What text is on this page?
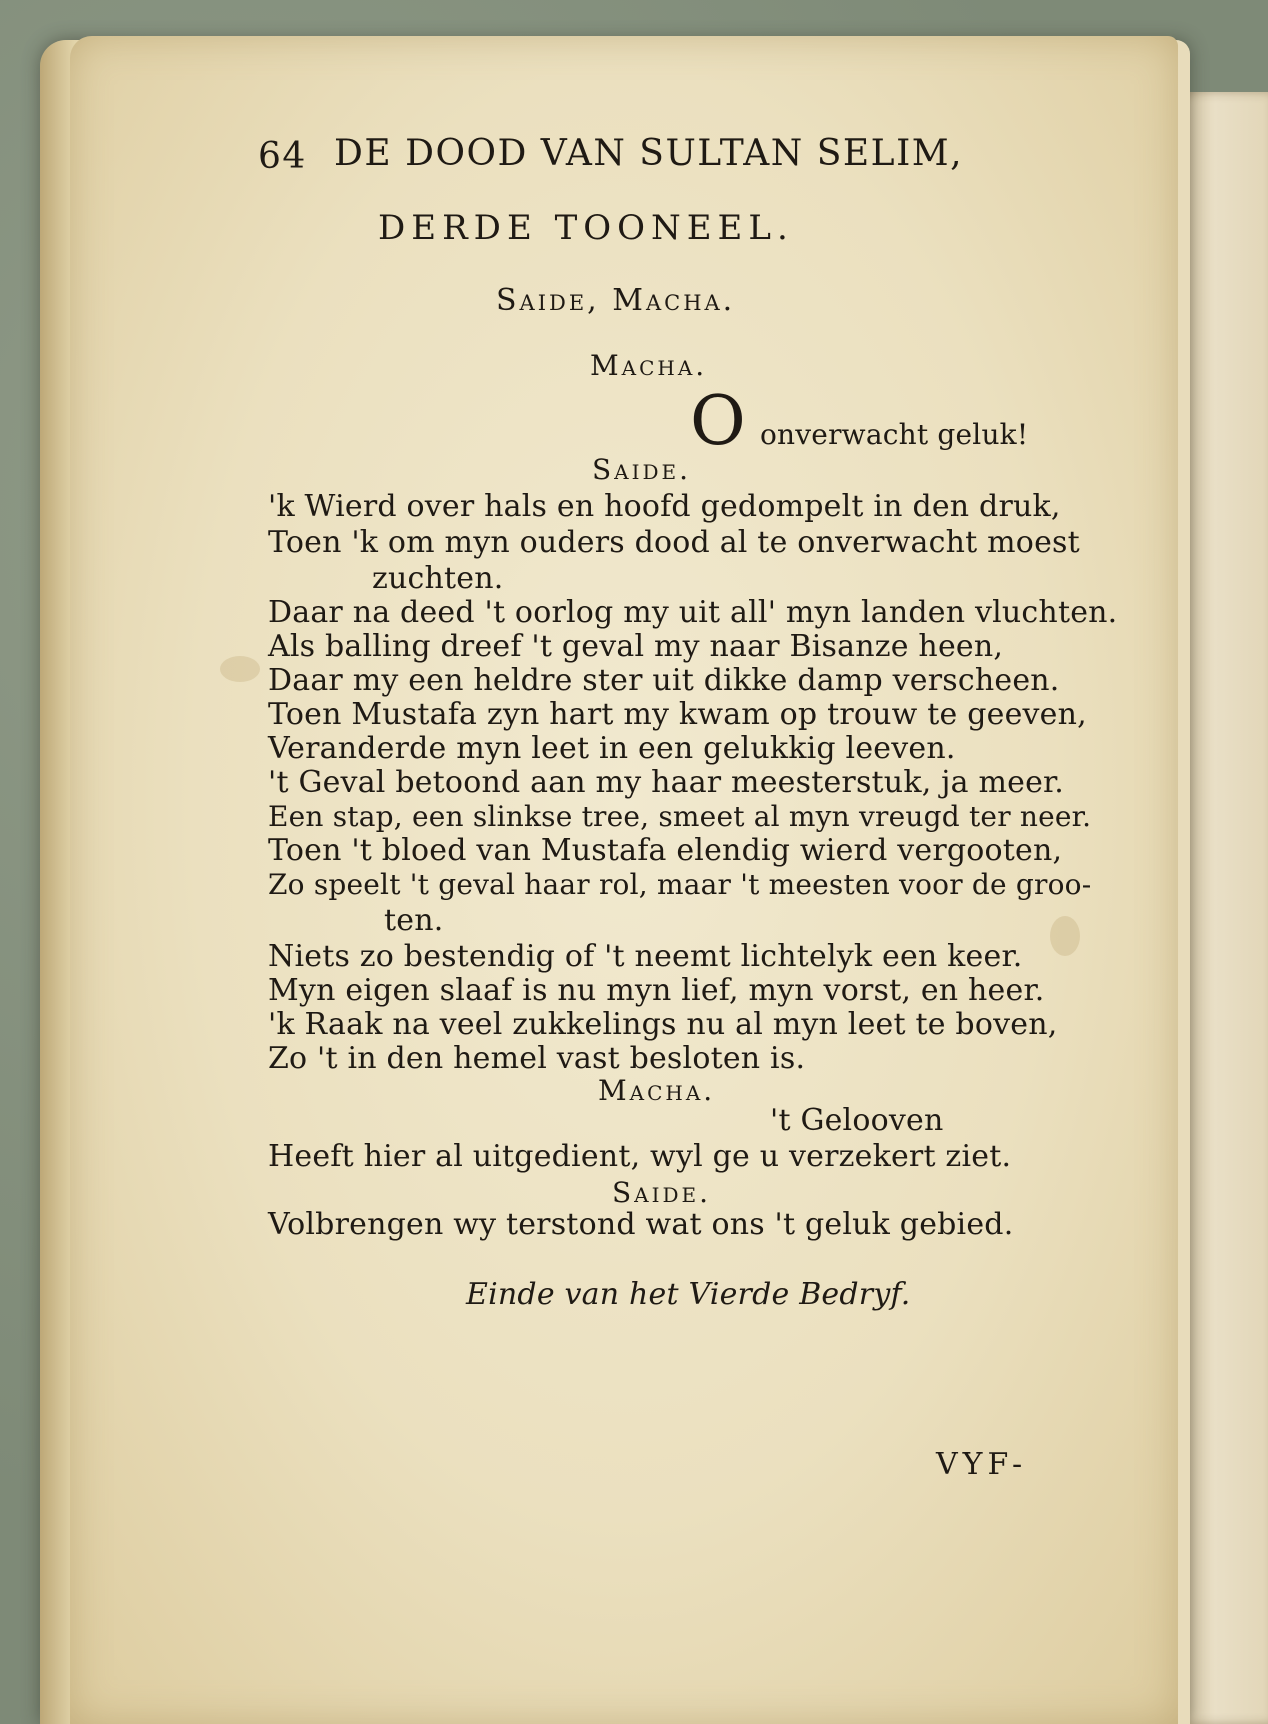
64 DE DOOD VAN SULTAN SELIM,
DERDE TOONEEL.
Saide, Macha.
Macha.
O onverwacht geluk!
Saide.
'k Wierd over hals en hoofd gedompelt in den druk,
Toen 'k om myn ouders dood al te onverwacht moest
zuchten.
Daar na deed 't oorlog my uit all' myn landen vluchten.
Als balling dreef 't geval my naar Bisanze heen,
Daar my een heldre ster uit dikke damp verscheen.
Toen Mustafa zyn hart my kwam op trouw te geeven,
Veranderde myn leet in een gelukkig leeven.
't Geval betoond aan my haar meesterstuk, ja meer.
Een stap, een slinkse tree, smeet al myn vreugd ter neer.
Toen 't bloed van Mustafa elendig wierd vergooten,
Zo speelt 't geval haar rol, maar 't meesten voor de groo-
ten.
Niets zo bestendig of 't neemt lichtelyk een keer.
Myn eigen slaaf is nu myn lief, myn vorst, en heer.
'k Raak na veel zukkelings nu al myn leet te boven,
Zo 't in den hemel vast besloten is.
Macha.
't Gelooven
Heeft hier al uitgedient, wyl ge u verzekert ziet.
Saide.
Volbrengen wy terstond wat ons 't geluk gebied.
Einde van het Vierde Bedryf.
VYF-
